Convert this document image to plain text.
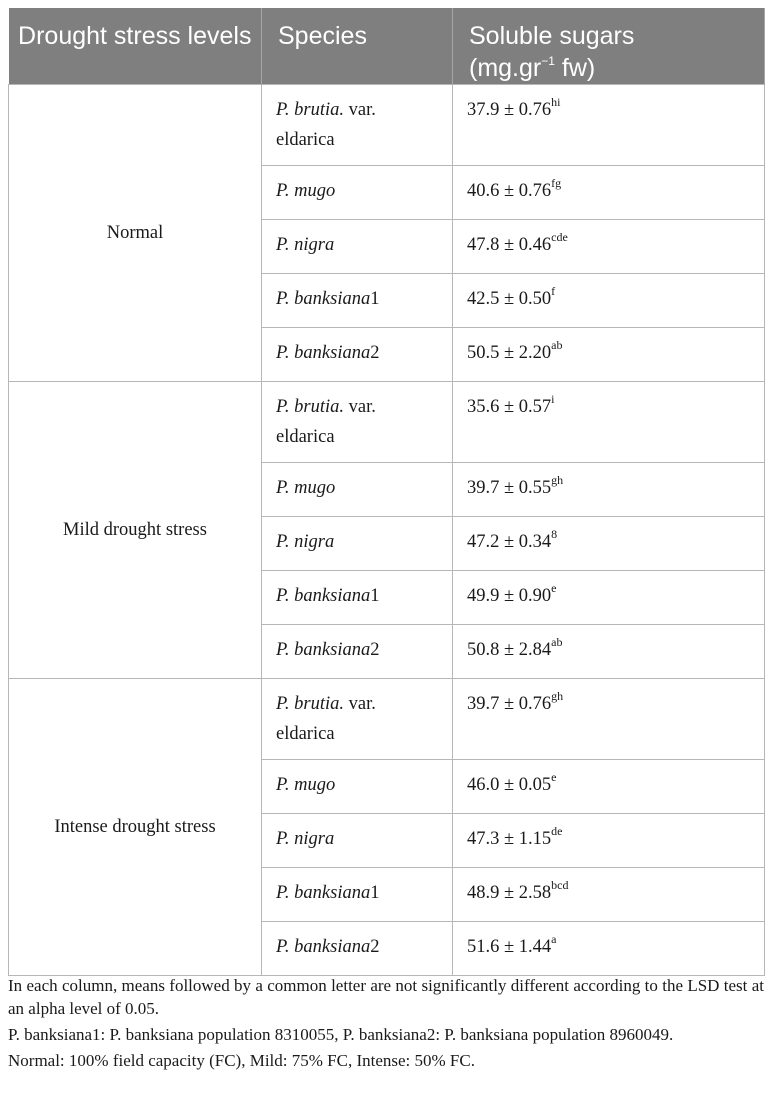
Drought stress levels	Species	Soluble sugars
($mg.gr^{-1}$ fw)

Normal	P. brutia. var. eldarica	$37.9 \pm 0.76^{hi}$
	P. mugo	40.6 ± 0.76$^{fg}$
	P. nigra	47.8 ± 0.46$^{cde}$
	P. banksiana1	42.5 ± 0.50$^f$
	P. banksiana2	50.5 ± 2.20$^{ab}$
Mild drought stress	P. brutia. var. eldarica	$35.6 \pm 0.57^i$
	P. mugo	39.7 ± 0.55$^{gh}$
	P. nigra	$47.2 \pm 0.34^8$
	P. banksiana1	49.9 ± 0.90$^e$
	P. banksiana2	50.8 ± 2.84$^{ab}$
Intense drought stress	P. brutia. var. eldarica	39.7 ± 0.76$^{gh}$
	P. mugo	46.0 ± 0.05$^e$
	P. nigra	47.3 ± 1.15de
	P. banksiana1	48.9 ± 2.58$^{bcd}$
	P. banksiana2	51.6 ± 1.44$^a$

In each column, means followed by a common letter are not significantly different according to the LSD test at an alpha level of 0.05.

P. banksiana1: P. banksiana population 8310055, P. banksiana2: P. banksiana population 8960049.

Normal: 100% field capacity (FC), Mild: 75% FC, Intense: 50% FC.
